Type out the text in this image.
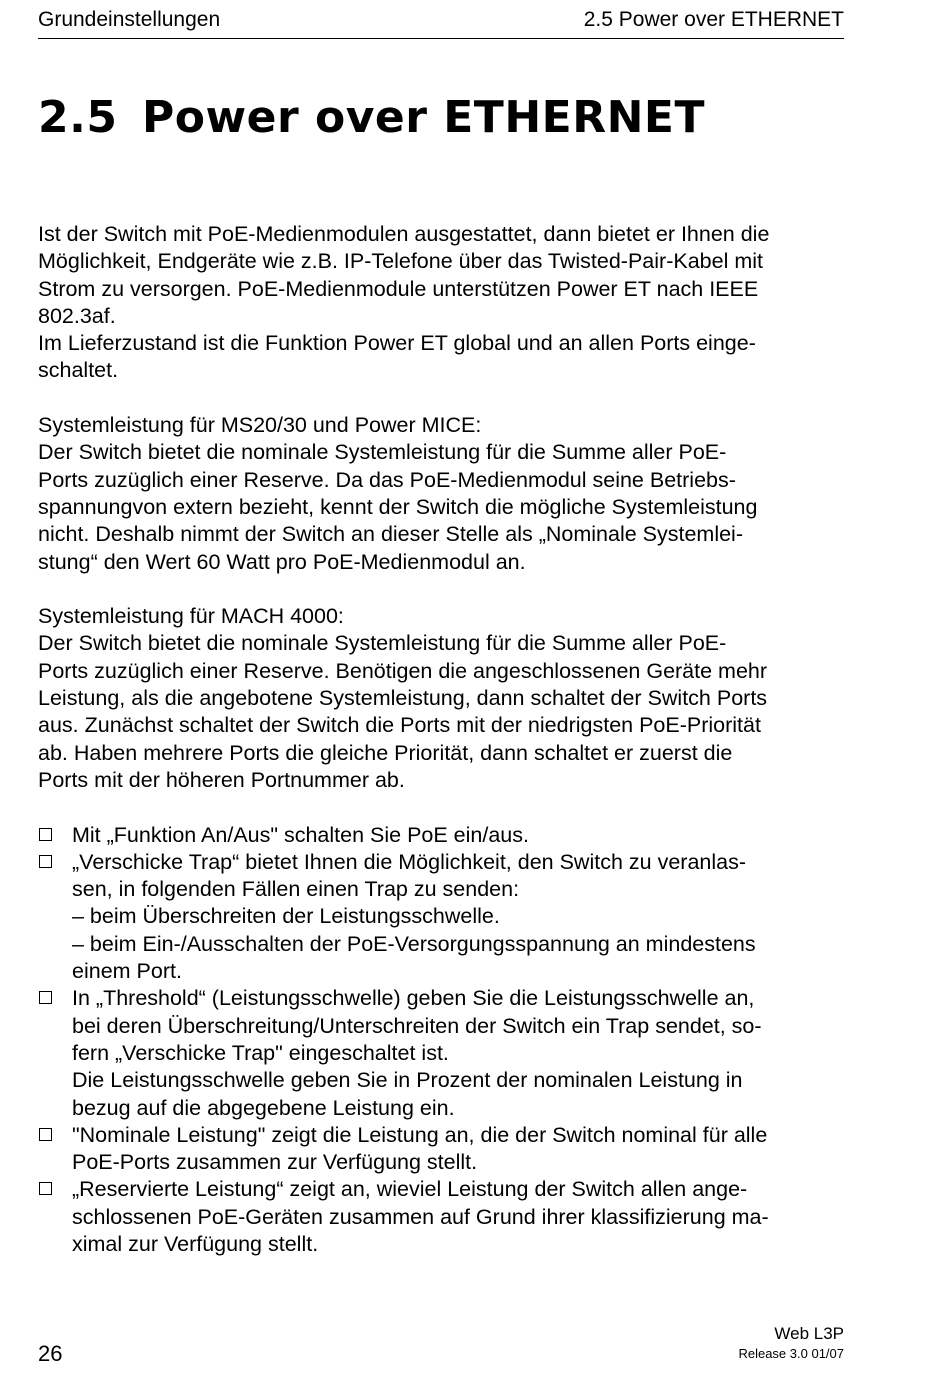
Grundeinstellungen	2.5 Power over ETHERNET
2.5 Power over ETHERNET

Ist der Switch mit PoE-Medienmodulen ausgestattet, dann bietet er Ihnen die
Möglichkeit, Endgeräte wie z.B. IP-Telefone über das Twisted-Pair-Kabel mit
Strom zu versorgen. PoE-Medienmodule unterstützen Power ET nach IEEE
802.3af.
Im Lieferzustand ist die Funktion Power ET global und an allen Ports einge-
schaltet.

Systemleistung für MS20/30 und Power MICE:
Der Switch bietet die nominale Systemleistung für die Summe aller PoE-
Ports zuzüglich einer Reserve. Da das PoE-Medienmodul seine Betriebs-
spannungvon extern bezieht, kennt der Switch die mögliche Systemleistung
nicht. Deshalb nimmt der Switch an dieser Stelle als „Nominale Systemlei-
stung“ den Wert 60 Watt pro PoE-Medienmodul an.

Systemleistung für MACH 4000:
Der Switch bietet die nominale Systemleistung für die Summe aller PoE-
Ports zuzüglich einer Reserve. Benötigen die angeschlossenen Geräte mehr
Leistung, als die angebotene Systemleistung, dann schaltet der Switch Ports
aus. Zunächst schaltet der Switch die Ports mit der niedrigsten PoE-Priorität
ab. Haben mehrere Ports die gleiche Priorität, dann schaltet er zuerst die
Ports mit der höheren Portnummer ab.

Mit „Funktion An/Aus" schalten Sie PoE ein/aus.
„Verschicke Trap“ bietet Ihnen die Möglichkeit, den Switch zu veranlas-
sen, in folgenden Fällen einen Trap zu senden:
– beim Überschreiten der Leistungsschwelle.
– beim Ein-/Ausschalten der PoE-Versorgungsspannung an mindestens
einem Port.
In „Threshold“ (Leistungsschwelle) geben Sie die Leistungsschwelle an,
bei deren Überschreitung/Unterschreiten der Switch ein Trap sendet, so-
fern „Verschicke Trap" eingeschaltet ist.
Die Leistungsschwelle geben Sie in Prozent der nominalen Leistung in
bezug auf die abgegebene Leistung ein.
"Nominale Leistung" zeigt die Leistung an, die der Switch nominal für alle
PoE-Ports zusammen zur Verfügung stellt.
„Reservierte Leistung“ zeigt an, wieviel Leistung der Switch allen ange-
schlossenen PoE-Geräten zusammen auf Grund ihrer klassifizierung ma-
ximal zur Verfügung stellt.
26
Web L3P
Release 3.0 01/07
